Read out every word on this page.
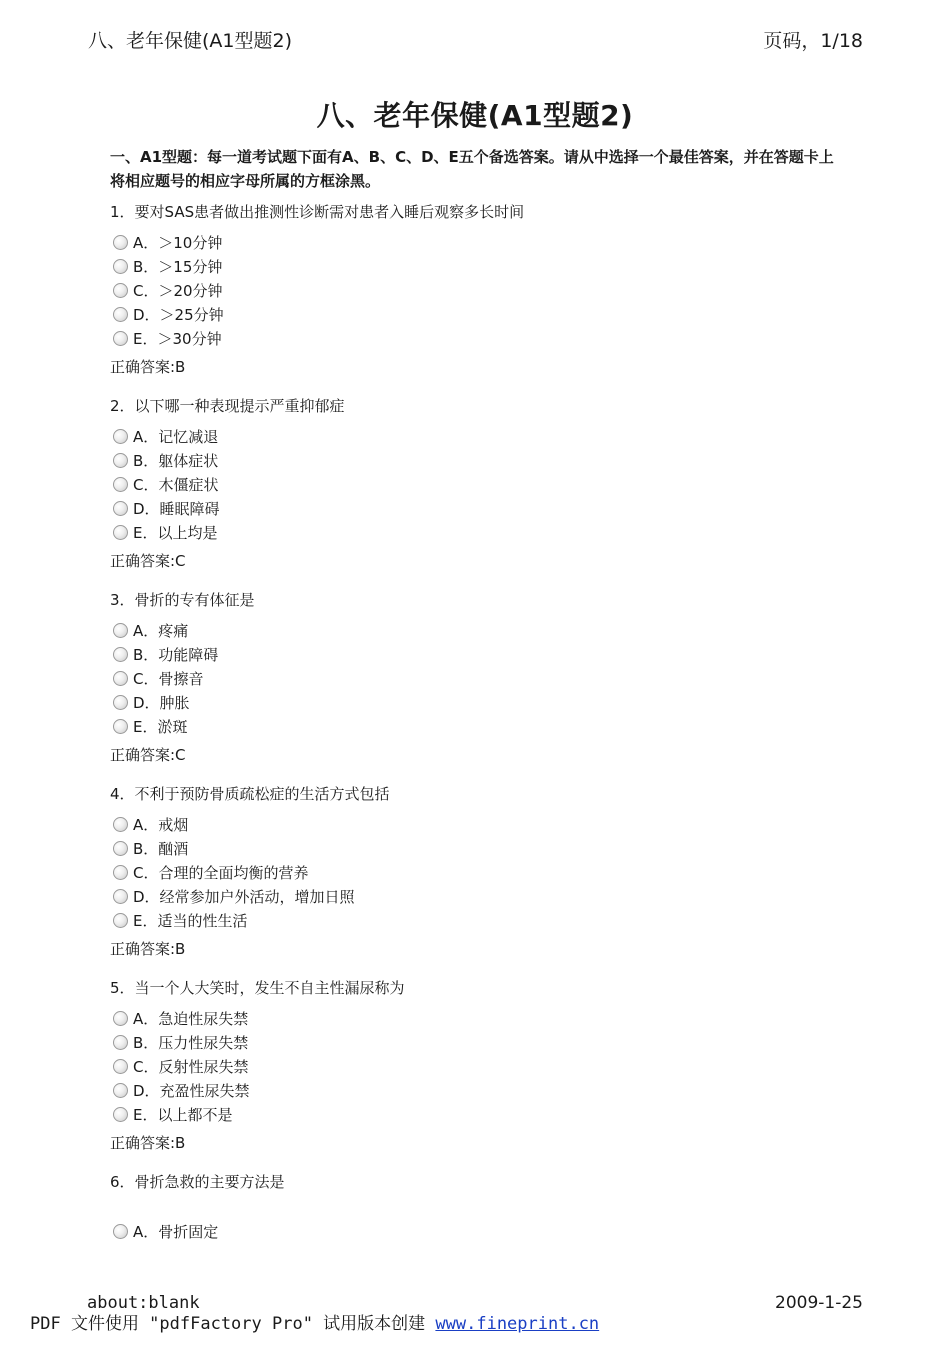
八、老年保健(A1型题2)	页码，1/18
八、老年保健(A1型题2)
一、A1型题：每一道考试题下面有A、B、C、D、E五个备选答案。请从中选择一个最佳答案，并在答题卡上将相应题号的相应字母所属的方框涂黑。
1．要对SAS患者做出推测性诊断需对患者入睡后观察多长时间
A．＞10分钟
B．＞15分钟
C．＞20分钟
D．＞25分钟
E．＞30分钟
正确答案:B
2．以下哪一种表现提示严重抑郁症
A．记忆减退
B．躯体症状
C．木僵症状
D．睡眠障碍
E．以上均是
正确答案:C
3．骨折的专有体征是
A．疼痛
B．功能障碍
C．骨擦音
D．肿胀
E．淤斑
正确答案:C
4．不利于预防骨质疏松症的生活方式包括
A．戒烟
B．酗酒
C．合理的全面均衡的营养
D．经常参加户外活动，增加日照
E．适当的性生活
正确答案:B
5．当一个人大笑时，发生不自主性漏尿称为
A．急迫性尿失禁
B．压力性尿失禁
C．反射性尿失禁
D．充盈性尿失禁
E．以上都不是
正确答案:B
6．骨折急救的主要方法是
A．骨折固定
about:blank	2009-1-25
PDF 文件使用 "pdfFactory Pro" 试用版本创建 www.fineprint.cn
